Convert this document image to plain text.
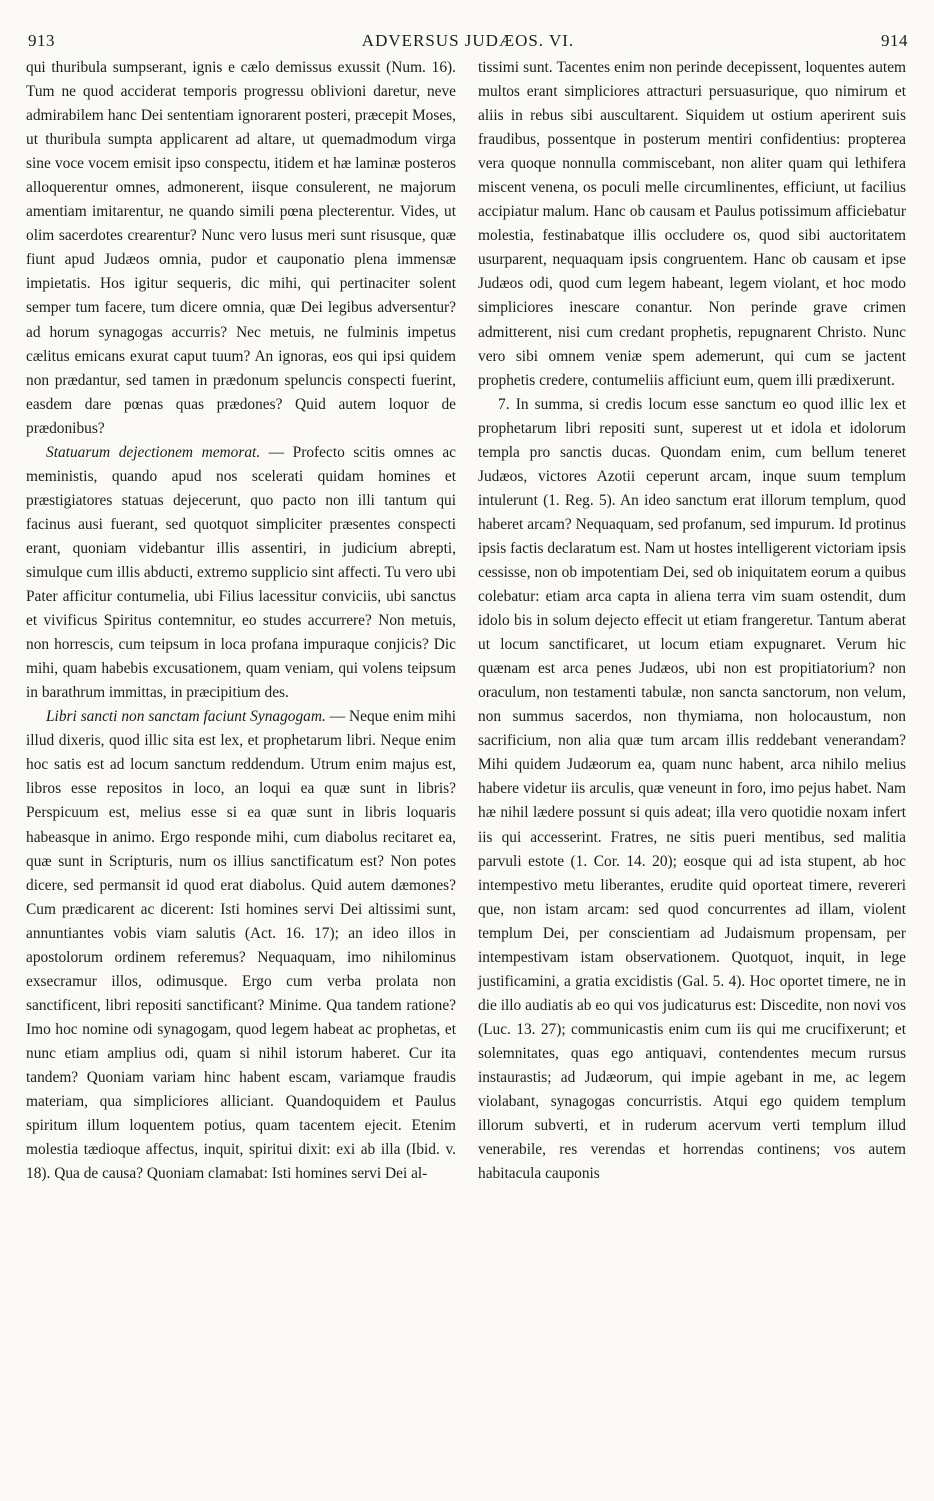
913	ADVERSUS JUDÆOS. VI.	914

qui thuribula sumpserant, ignis e cælo demissus exussit (Num. 16). Tum ne quod acciderat temporis progressu oblivioni daretur, neve admirabilem hanc Dei sententiam ignorarent posteri, præcepit Moses, ut thuribula sumpta applicarent ad altare, ut quemadmodum virga sine voce vocem emisit ipso conspectu, itidem et hæ laminæ posteros alloquerentur omnes, admonerent, iisque consulerent, ne majorum amentiam imitarentur, ne quando simili pœna plecterentur. Vides, ut olim sacerdotes crearentur? Nunc vero lusus meri sunt risusque, quæ fiunt apud Judæos omnia, pudor et cauponatio plena immensæ impietatis. Hos igitur sequeris, dic mihi, qui pertinaciter solent semper tum facere, tum dicere omnia, quæ Dei legibus adversentur? ad horum synagogas accurris? Nec metuis, ne fulminis impetus cælitus emicans exurat caput tuum? An ignoras, eos qui ipsi quidem non prædantur, sed tamen in prædonum speluncis conspecti fuerint, easdem dare pœnas quas prædones? Quid autem loquor de prædonibus?

Statuarum dejectionem memorat. — Profecto scitis omnes ac meministis, quando apud nos scelerati quidam homines et præstigiatores statuas dejecerunt, quo pacto non illi tantum qui facinus ausi fuerant, sed quotquot simpliciter præsentes conspecti erant, quoniam videbantur illis assentiri, in judicium abrepti, simulque cum illis abducti, extremo supplicio sint affecti. Tu vero ubi Pater afficitur contumelia, ubi Filius lacessitur conviciis, ubi sanctus et vivificus Spiritus contemnitur, eo studes accurrere? Non metuis, non horrescis, cum teipsum in loca profana impuraque conjicis? Dic mihi, quam habebis excusationem, quam veniam, qui volens teipsum in barathrum immittas, in præcipitium des.

Libri sancti non sanctam faciunt Synagogam. — Neque enim mihi illud dixeris, quod illic sita est lex, et prophetarum libri. Neque enim hoc satis est ad locum sanctum reddendum. Utrum enim majus est, libros esse repositos in loco, an loqui ea quæ sunt in libris? Perspicuum est, melius esse si ea quæ sunt in libris loquaris habeasque in animo. Ergo responde mihi, cum diabolus recitaret ea, quæ sunt in Scripturis, num os illius sanctificatum est? Non potes dicere, sed permansit id quod erat diabolus. Quid autem dæmones? Cum prædicarent ac dicerent: Isti homines servi Dei altissimi sunt, annuntiantes vobis viam salutis (Act. 16. 17); an ideo illos in apostolorum ordinem referemus? Nequaquam, imo nihilominus exsecramur illos, odimusque. Ergo cum verba prolata non sanctificent, libri repositi sanctificant? Minime. Qua tandem ratione? Imo hoc nomine odi synagogam, quod legem habeat ac prophetas, et nunc etiam amplius odi, quam si nihil istorum haberet. Cur ita tandem? Quoniam variam hinc habent escam, variamque fraudis materiam, qua simpliciores alliciant. Quandoquidem et Paulus spiritum illum loquentem potius, quam tacentem ejecit. Etenim molestia tædioque affectus, inquit, spiritui dixit: exi ab illa (Ibid. v. 18). Qua de causa? Quoniam clamabat: Isti homines servi Dei al-

tissimi sunt. Tacentes enim non perinde decepissent, loquentes autem multos erant simpliciores attracturi persuasurique, quo nimirum et aliis in rebus sibi auscultarent. Siquidem ut ostium aperirent suis fraudibus, possentque in posterum mentiri confidentius: propterea vera quoque nonnulla commiscebant, non aliter quam qui lethifera miscent venena, os poculi melle circumlinentes, efficiunt, ut facilius accipiatur malum. Hanc ob causam et Paulus potissimum afficiebatur molestia, festinabatque illis occludere os, quod sibi auctoritatem usurparent, nequaquam ipsis congruentem. Hanc ob causam et ipse Judæos odi, quod cum legem habeant, legem violant, et hoc modo simpliciores inescare conantur. Non perinde grave crimen admitterent, nisi cum credant prophetis, repugnarent Christo. Nunc vero sibi omnem veniæ spem ademerunt, qui cum se jactent prophetis credere, contumeliis afficiunt eum, quem illi prædixerunt.

7. In summa, si credis locum esse sanctum eo quod illic lex et prophetarum libri repositi sunt, superest ut et idola et idolorum templa pro sanctis ducas. Quondam enim, cum bellum teneret Judæos, victores Azotii ceperunt arcam, inque suum templum intulerunt (1. Reg. 5). An ideo sanctum erat illorum templum, quod haberet arcam? Nequaquam, sed profanum, sed impurum. Id protinus ipsis factis declaratum est. Nam ut hostes intelligerent victoriam ipsis cessisse, non ob impotentiam Dei, sed ob iniquitatem eorum a quibus colebatur: etiam arca capta in aliena terra vim suam ostendit, dum idolo bis in solum dejecto effecit ut etiam frangeretur. Tantum aberat ut locum sanctificaret, ut locum etiam expugnaret. Verum hic quænam est arca penes Judæos, ubi non est propitiatorium? non oraculum, non testamenti tabulæ, non sancta sanctorum, non velum, non summus sacerdos, non thymiama, non holocaustum, non sacrificium, non alia quæ tum arcam illis reddebant venerandam? Mihi quidem Judæorum ea, quam nunc habent, arca nihilo melius habere videtur iis arculis, quæ veneunt in foro, imo pejus habet. Nam hæ nihil lædere possunt si quis adeat; illa vero quotidie noxam infert iis qui accesserint. Fratres, ne sitis pueri mentibus, sed malitia parvuli estote (1. Cor. 14. 20); eosque qui ad ista stupent, ab hoc intempestivo metu liberantes, erudite quid oporteat timere, revereri que, non istam arcam: sed quod concurrentes ad illam, violent templum Dei, per conscientiam ad Judaismum propensam, per intempestivam istam observationem. Quotquot, inquit, in lege justificamini, a gratia excidistis (Gal. 5. 4). Hoc oportet timere, ne in die illo audiatis ab eo qui vos judicaturus est: Discedite, non novi vos (Luc. 13. 27); communicastis enim cum iis qui me crucifixerunt; et solemnitates, quas ego antiquavi, contendentes mecum rursus instaurastis; ad Judæorum, qui impie agebant in me, ac legem violabant, synagogas concurristis. Atqui ego quidem templum illorum subverti, et in ruderum acervum verti templum illud venerabile, res verendas et horrendas continens; vos autem habitacula cauponis
